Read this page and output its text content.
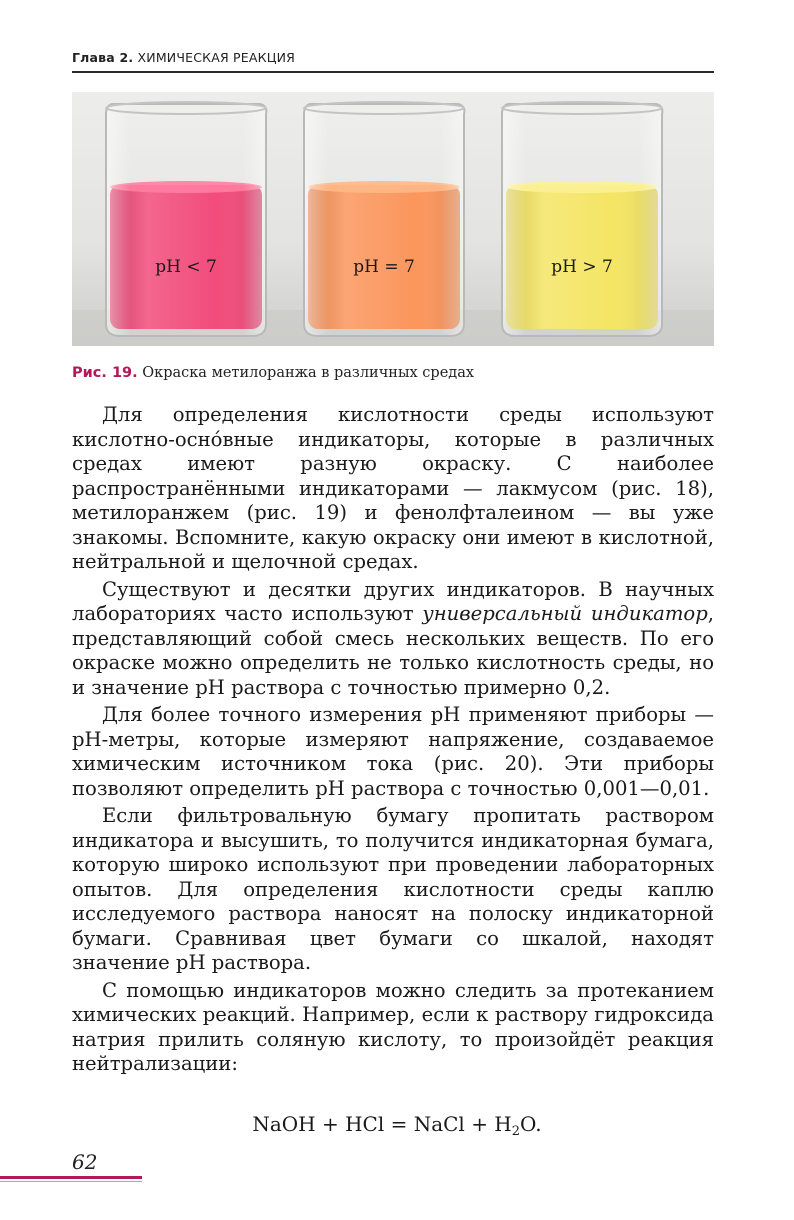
Глава 2. ХИМИЧЕСКАЯ РЕАКЦИЯ
pH < 7	pH = 7	pH > 7
Рис. 19. Окраска метилоранжа в различных средах

Для определения кислотности среды используют кислотно-осно́вные индикаторы, которые в различных средах имеют разную окраску. С наиболее распространёнными индикаторами — лакмусом (рис. 18), метилоранжем (рис. 19) и фенолфталеином — вы уже знакомы. Вспомните, какую окраску они имеют в кислотной, нейтральной и щелочной средах.

Существуют и десятки других индикаторов. В научных лабораториях часто используют универсальный индикатор, представляющий собой смесь нескольких веществ. По его окраске можно определить не только кислотность среды, но и значение pH раствора с точностью примерно 0,2.

Для более точного измерения pH применяют приборы — pH-метры, которые измеряют напряжение, создаваемое химическим источником тока (рис. 20). Эти приборы позволяют определить pH раствора с точностью 0,001—0,01.

Если фильтровальную бумагу пропитать раствором индикатора и высушить, то получится индикаторная бумага, которую широко используют при проведении лабораторных опытов. Для определения кислотности среды каплю исследуемого раствора наносят на полоску индикаторной бумаги. Сравнивая цвет бумаги со шкалой, находят значение pH раствора.

С помощью индикаторов можно следить за протеканием химических реакций. Например, если к раствору гидроксида натрия прилить соляную кислоту, то произойдёт реакция нейтрализации:

NaOH + HCl = NaCl + $H_2O$.
62
